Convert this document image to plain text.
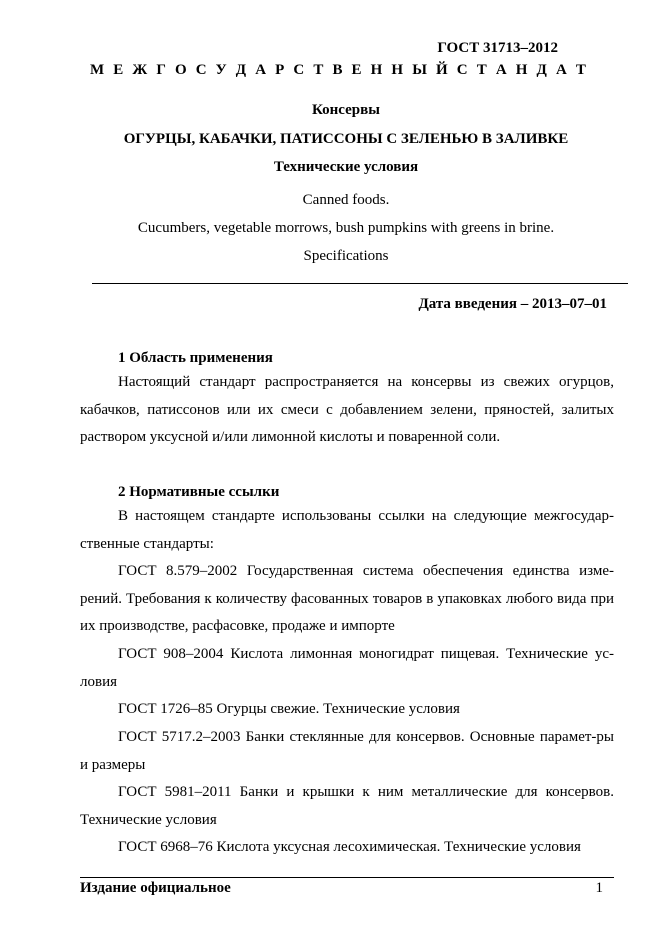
ГОСТ 31713–2012
М Е Ж Г О С У Д А Р С Т В Е Н Н Ы Й С Т А Н Д А Т
Консервы
ОГУРЦЫ, КАБАЧКИ, ПАТИССОНЫ С ЗЕЛЕНЬЮ В ЗАЛИВКЕ
Технические условия
Canned foods.
Cucumbers, vegetable morrows, bush pumpkins with greens in brine.
Specifications
Дата введения – 2013–07–01
1 Область применения
Настоящий стандарт распространяется на консервы из свежих огурцов, кабачков, патиссонов или их смеси с добавлением зелени, пряностей, залитых раствором уксусной и/или лимонной кислоты и поваренной соли.
2 Нормативные ссылки
В настоящем стандарте использованы ссылки на следующие межгосудар-ственные стандарты:
ГОСТ 8.579–2002 Государственная система обеспечения единства изме-рений. Требования к количеству фасованных товаров в упаковках любого вида при их производстве, расфасовке, продаже и импорте
ГОСТ 908–2004 Кислота лимонная моногидрат пищевая. Технические ус-ловия
ГОСТ 1726–85 Огурцы свежие. Технические условия
ГОСТ 5717.2–2003 Банки стеклянные для консервов. Основные парамет-ры и размеры
ГОСТ 5981–2011 Банки и крышки к ним металлические для консервов. Технические условия
ГОСТ 6968–76 Кислота уксусная лесохимическая. Технические условия
Издание официальное	1
